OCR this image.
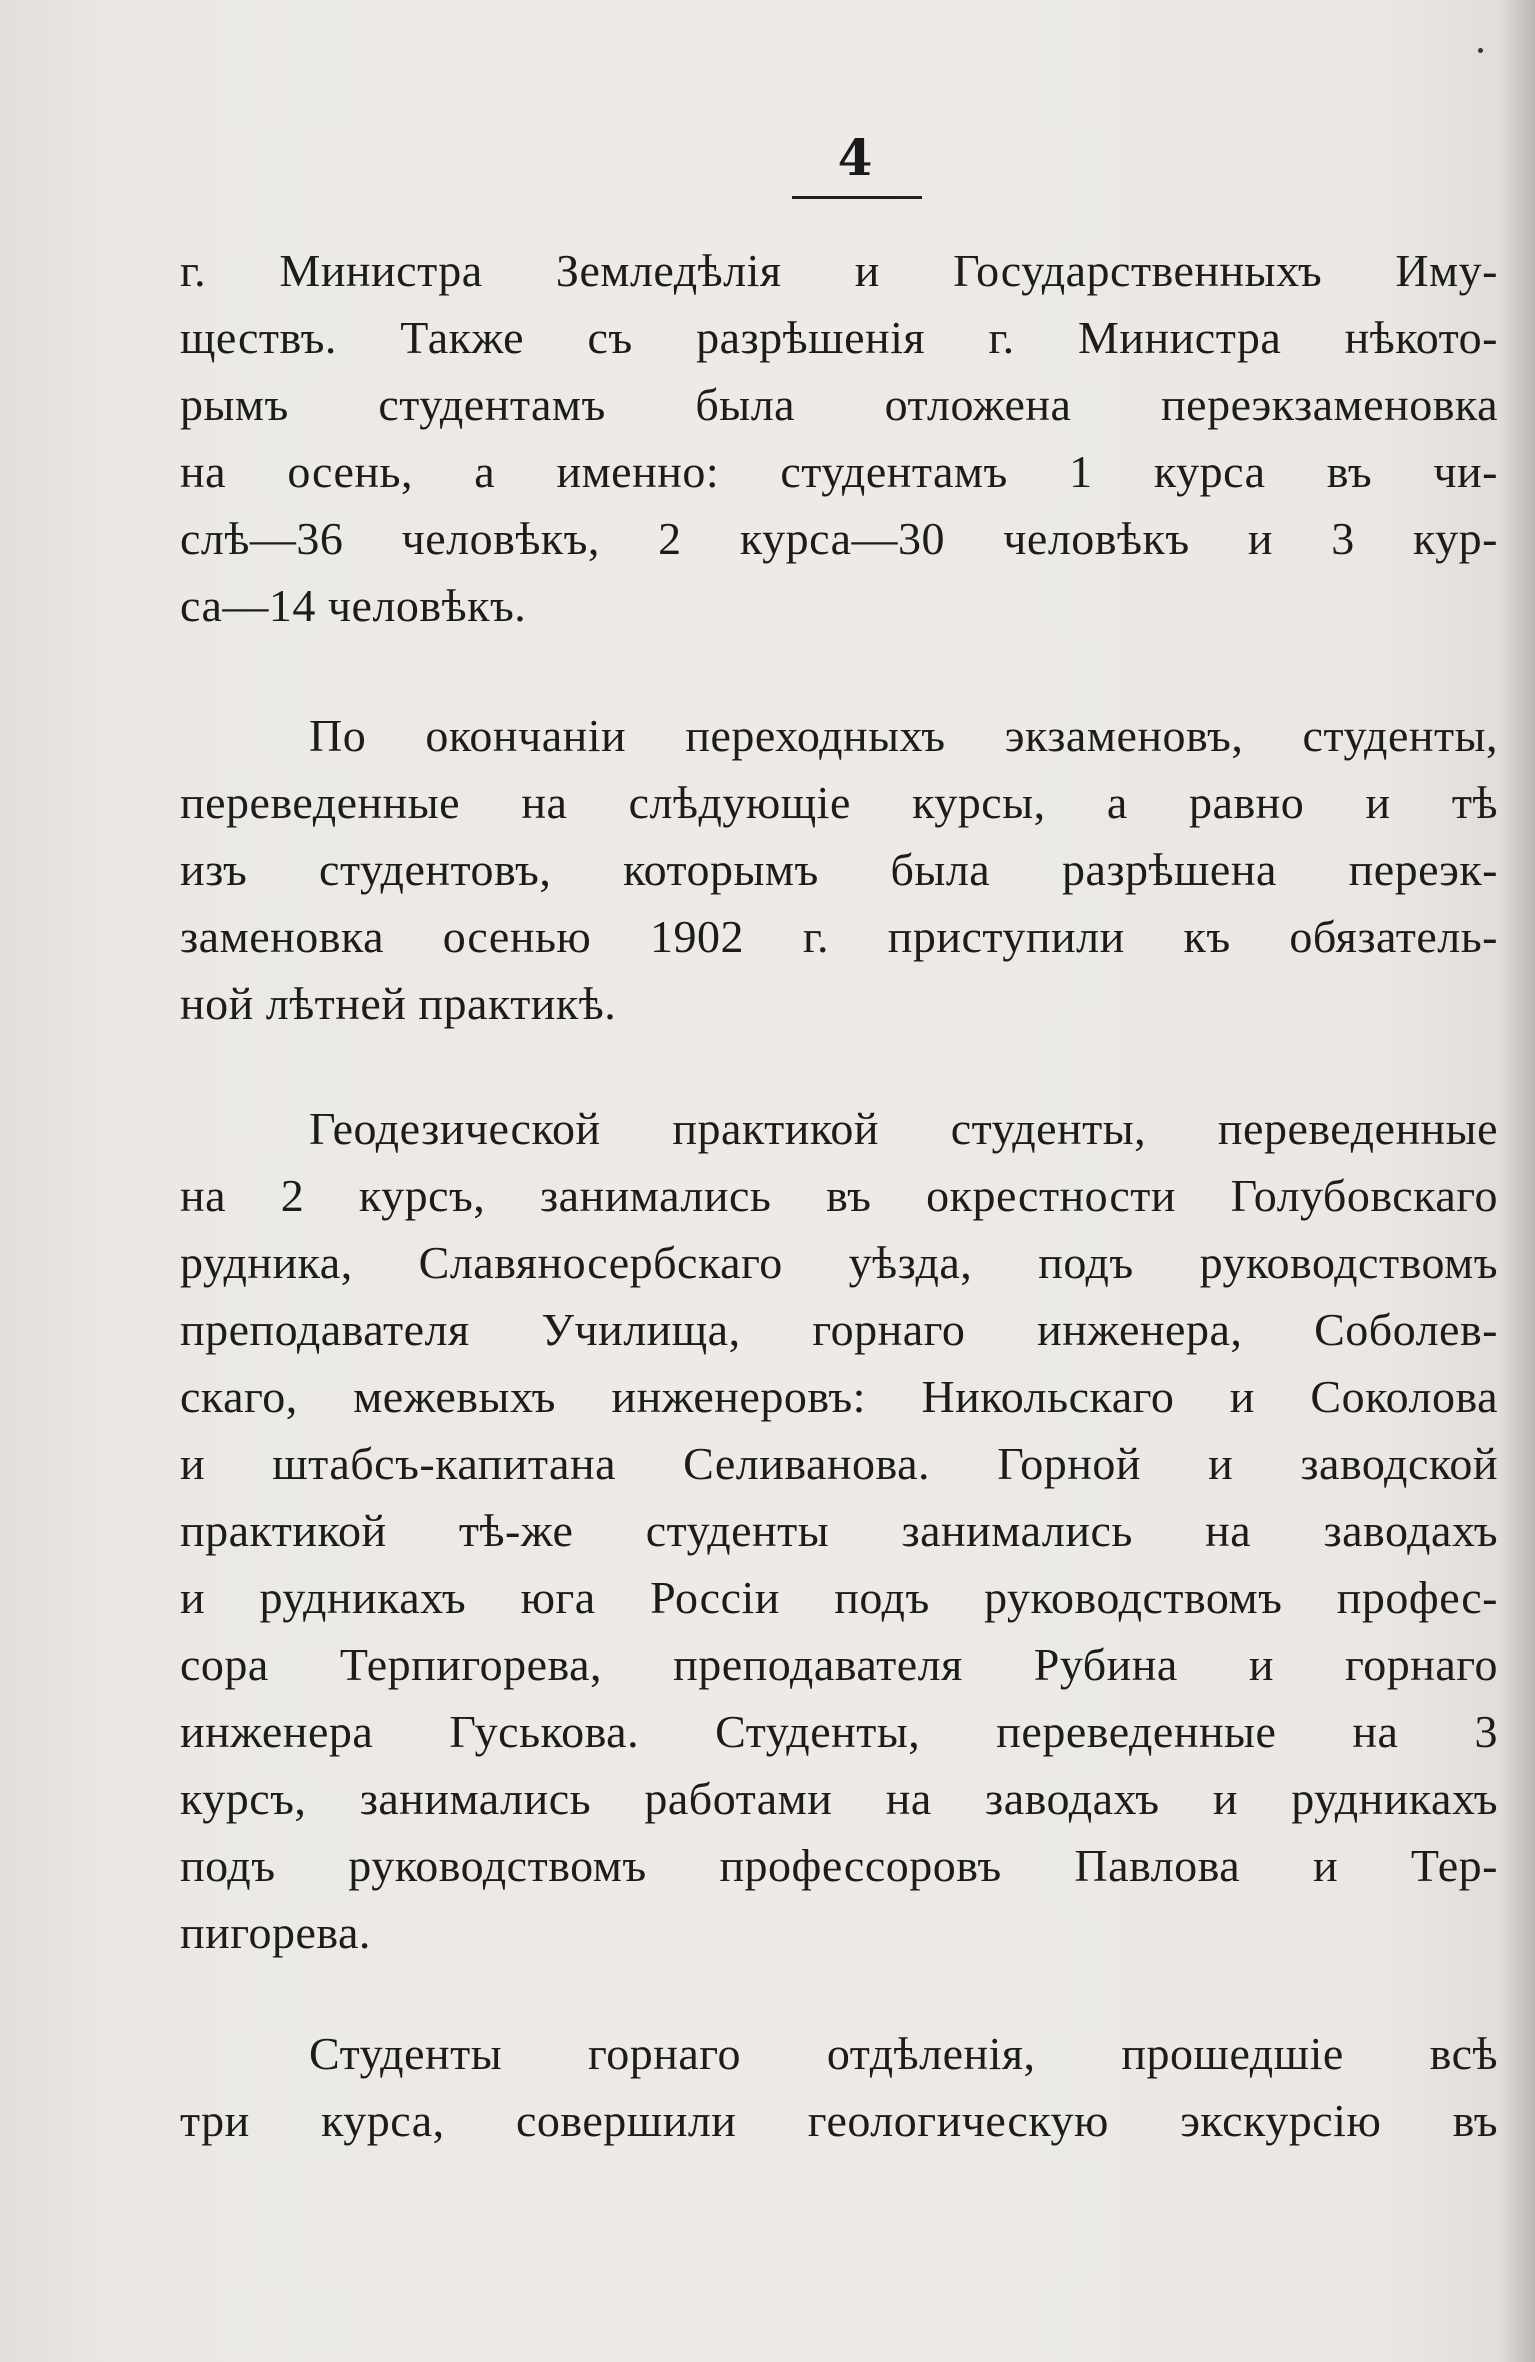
4
г. Министра Земледѣлія и Государственныхъ Иму-
ществъ. Также съ разрѣшенія г. Министра нѣкото-
рымъ студентамъ была отложена переэкзаменовка
на осень, а именно: студентамъ 1 курса въ чи-
слѣ—36 человѣкъ, 2 курса—30 человѣкъ и 3 кур-
са—14 человѣкъ.
По окончаніи переходныхъ экзаменовъ, студенты,
переведенные на слѣдующіе курсы, а равно и тѣ
изъ студентовъ, которымъ была разрѣшена переэк-
заменовка осенью 1902 г. приступили къ обязатель-
ной лѣтней практикѣ.
Геодезической практикой студенты, переведенные
на 2 курсъ, занимались въ окрестности Голубовскаго
рудника, Славяносербскаго уѣзда, подъ руководствомъ
преподавателя Училища, горнаго инженера, Соболев-
скаго, межевыхъ инженеровъ: Никольскаго и Соколова
и штабсъ-капитана Селиванова. Горной и заводской
практикой тѣ-же студенты занимались на заводахъ
и рудникахъ юга Россіи подъ руководствомъ профес-
сора Терпигорева, преподавателя Рубина и горнаго
инженера Гуськова. Студенты, переведенные на 3
курсъ, занимались работами на заводахъ и рудникахъ
подъ руководствомъ профессоровъ Павлова и Тер-
пигорева.
Студенты горнаго отдѣленія, прошедшіе всѣ
три курса, совершили геологическую экскурсію въ
